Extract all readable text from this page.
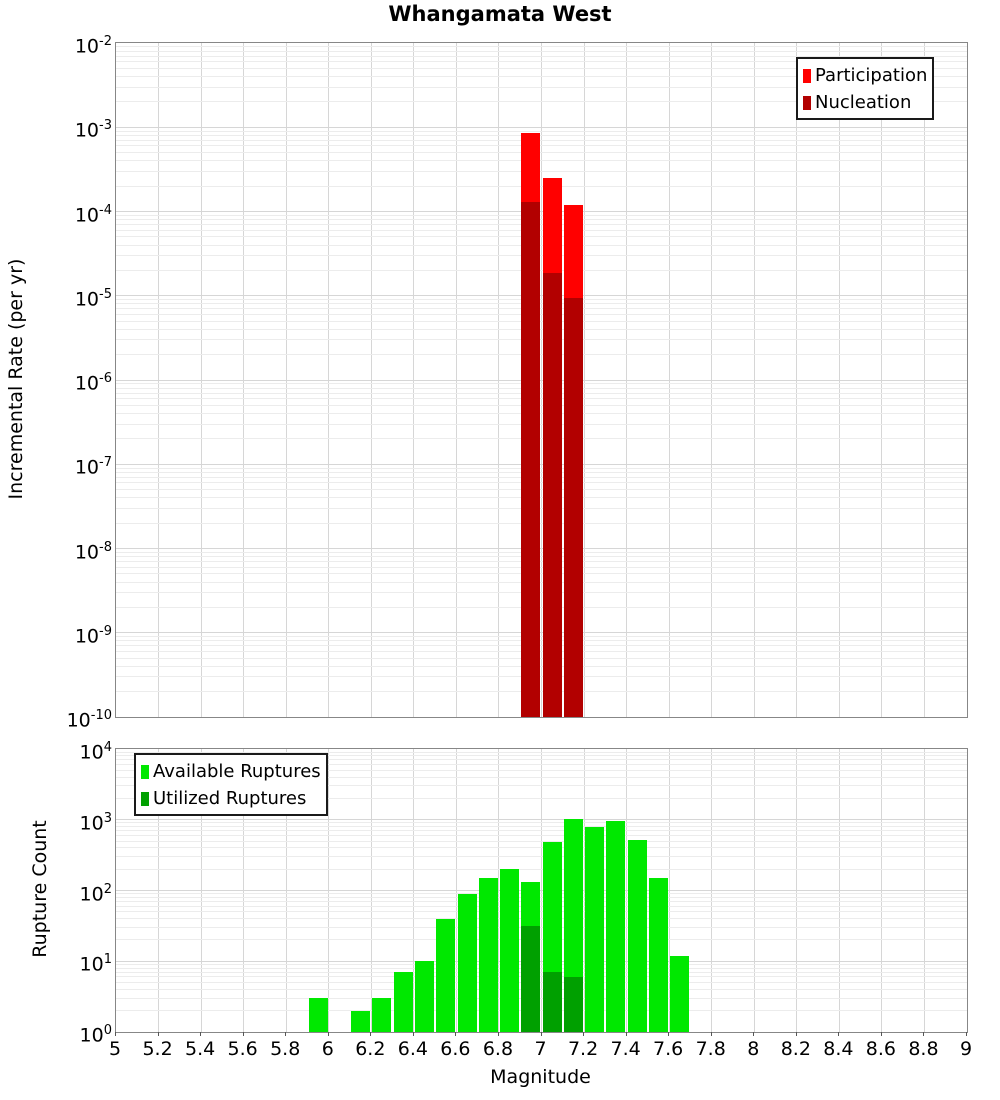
Whangamata West
Incremental Rate (per yr)
Rupture Count
Magnitude
Participation
Nucleation
Available Ruptures
Utilized Ruptures
$10^{-2}$
$10^{-3}$
$10^{-4}$
$10^{-5}$
$10^{-6}$
$10^{-7}$
$10^{-8}$
$10^{-9}$
$10^{-10}$
$10^4$
$10^3$
$10^2$
$10^1$
$10^0$
5	5.2 5.4 5.6 5.8	6	6.2 6.4 6.6 6.8	7	7.2 7.4 7.6 7.8	8	8.2 8.4 8.6 8.8	9
